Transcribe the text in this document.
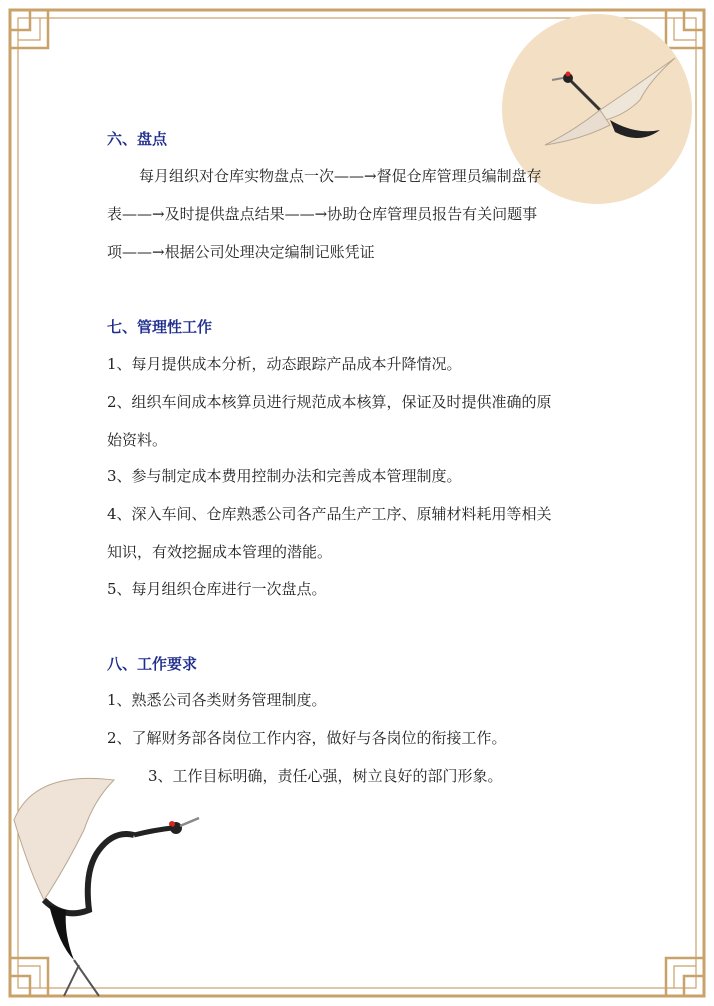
六、盘点

每月组织对仓库实物盘点一次——→督促仓库管理员编制盘存

表——→及时提供盘点结果——→协助仓库管理员报告有关问题事

项——→根据公司处理决定编制记账凭证

七、管理性工作

1、每月提供成本分析，动态跟踪产品成本升降情况。

2、组织车间成本核算员进行规范成本核算，保证及时提供准确的原

始资料。

3、参与制定成本费用控制办法和完善成本管理制度。

4、深入车间、仓库熟悉公司各产品生产工序、原辅材料耗用等相关

知识，有效挖掘成本管理的潜能。

5、每月组织仓库进行一次盘点。

八、工作要求

1、熟悉公司各类财务管理制度。

2、了解财务部各岗位工作内容，做好与各岗位的衔接工作。

3、工作目标明确，责任心强，树立良好的部门形象。
